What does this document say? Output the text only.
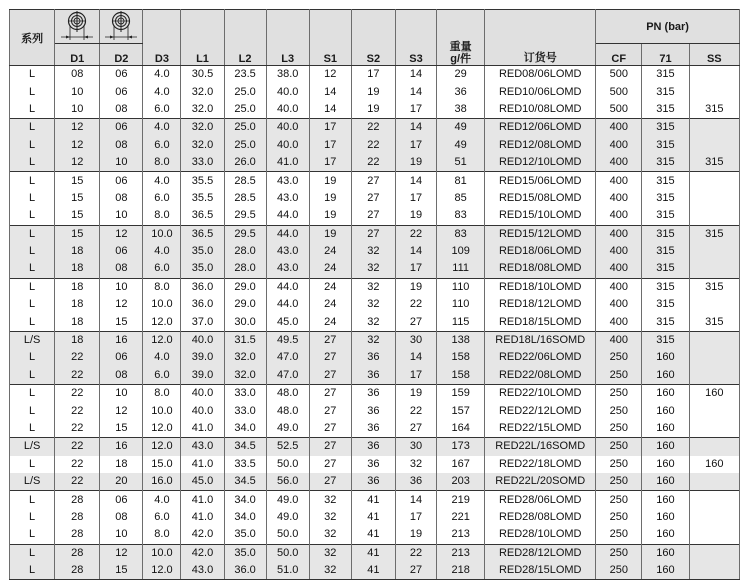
系列			D3	L1	L2	L3	S1	S2	S3	重量
g/件	订货号	PN (bar)		
	D1	D2										CF	71	SS
L	08	06	4.0	30.5	23.5	38.0	12	17	14	29	RED08/06LOMD	500	315	
L	10	06	4.0	32.0	25.0	40.0	14	19	14	36	RED10/06LOMD	500	315	
L	10	08	6.0	32.0	25.0	40.0	14	19	17	38	RED10/08LOMD	500	315	315
L	12	06	4.0	32.0	25.0	40.0	17	22	14	49	RED12/06LOMD	400	315	
L	12	08	6.0	32.0	25.0	40.0	17	22	17	49	RED12/08LOMD	400	315	
L	12	10	8.0	33.0	26.0	41.0	17	22	19	51	RED12/10LOMD	400	315	315
L	15	06	4.0	35.5	28.5	43.0	19	27	14	81	RED15/06LOMD	400	315	
L	15	08	6.0	35.5	28.5	43.0	19	27	17	85	RED15/08LOMD	400	315	
L	15	10	8.0	36.5	29.5	44.0	19	27	19	83	RED15/10LOMD	400	315	
L	15	12	10.0	36.5	29.5	44.0	19	27	22	83	RED15/12LOMD	400	315	315
L	18	06	4.0	35.0	28.0	43.0	24	32	14	109	RED18/06LOMD	400	315	
L	18	08	6.0	35.0	28.0	43.0	24	32	17	111	RED18/08LOMD	400	315	
L	18	10	8.0	36.0	29.0	44.0	24	32	19	110	RED18/10LOMD	400	315	315
L	18	12	10.0	36.0	29.0	44.0	24	32	22	110	RED18/12LOMD	400	315	
L	18	15	12.0	37.0	30.0	45.0	24	32	27	115	RED18/15LOMD	400	315	315
L/S	18	16	12.0	40.0	31.5	49.5	27	32	30	138	RED18L/16SOMD	400	315	
L	22	06	4.0	39.0	32.0	47.0	27	36	14	158	RED22/06LOMD	250	160	
L	22	08	6.0	39.0	32.0	47.0	27	36	17	158	RED22/08LOMD	250	160	
L	22	10	8.0	40.0	33.0	48.0	27	36	19	159	RED22/10LOMD	250	160	160
L	22	12	10.0	40.0	33.0	48.0	27	36	22	157	RED22/12LOMD	250	160	
L	22	15	12.0	41.0	34.0	49.0	27	36	27	164	RED22/15LOMD	250	160	
L/S	22	16	12.0	43.0	34.5	52.5	27	36	30	173	RED22L/16SOMD	250	160	
L	22	18	15.0	41.0	33.5	50.0	27	36	32	167	RED22/18LOMD	250	160	160
L/S	22	20	16.0	45.0	34.5	56.0	27	36	36	203	RED22L/20SOMD	250	160	
L	28	06	4.0	41.0	34.0	49.0	32	41	14	219	RED28/06LOMD	250	160	
L	28	08	6.0	41.0	34.0	49.0	32	41	17	221	RED28/08LOMD	250	160	
L	28	10	8.0	42.0	35.0	50.0	32	41	19	213	RED28/10LOMD	250	160	
L	28	12	10.0	42.0	35.0	50.0	32	41	22	213	RED28/12LOMD	250	160	
L	28	15	12.0	43.0	36.0	51.0	32	41	27	218	RED28/15LOMD	250	160	
